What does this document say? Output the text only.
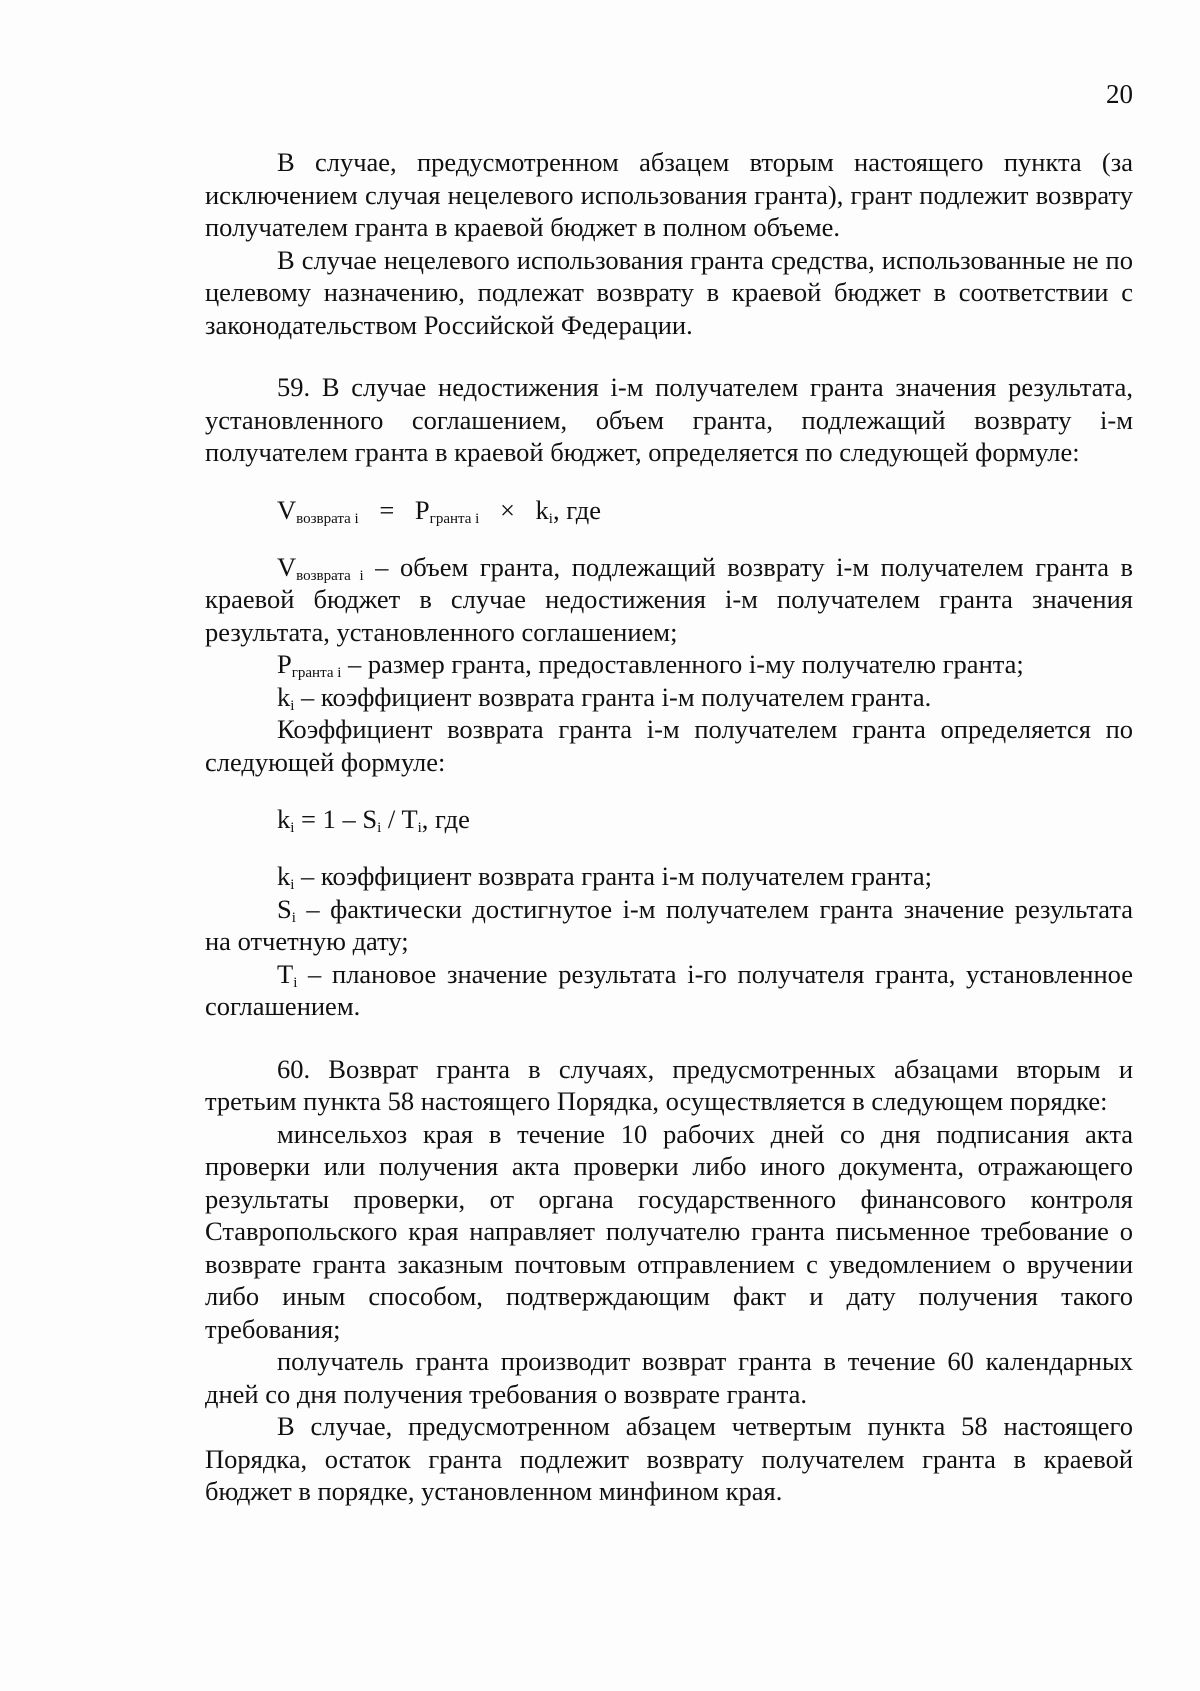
20

В случае, предусмотренном абзацем вторым настоящего пункта (за исключением случая нецелевого использования гранта), грант подлежит возврату получателем гранта в краевой бюджет в полном объеме.

В случае нецелевого использования гранта средства, использованные не по целевому назначению, подлежат возврату в краевой бюджет в соответствии с законодательством Российской Федерации.

59. В случае недостижения i-м получателем гранта значения результата, установленного соглашением, объем гранта, подлежащий возврату i-м получателем гранта в краевой бюджет, определяется по следующей формуле:

$V_{возврата i} = P_{гранта i} \times k_i$, где

$V_{возврата i}$ – объем гранта, подлежащий возврату i-м получателем гранта в краевой бюджет в случае недостижения i-м получателем гранта значения результата, установленного соглашением;

$P_{гранта i}$ – размер гранта, предоставленного i-му получателю гранта;

$k_i$ – коэффициент возврата гранта i-м получателем гранта.

Коэффициент возврата гранта i-м получателем гранта определяется по следующей формуле:

$k_i = 1 - S_i / T_i$, где

$k_i$ – коэффициент возврата гранта i-м получателем гранта;

$S_i$ – фактически достигнутое i-м получателем гранта значение результата на отчетную дату;

$T_i$ – плановое значение результата i-го получателя гранта, установленное соглашением.

60. Возврат гранта в случаях, предусмотренных абзацами вторым и третьим пункта 58 настоящего Порядка, осуществляется в следующем порядке:

минсельхоз края в течение 10 рабочих дней со дня подписания акта проверки или получения акта проверки либо иного документа, отражающего результаты проверки, от органа государственного финансового контроля Ставропольского края направляет получателю гранта письменное требование о возврате гранта заказным почтовым отправлением с уведомлением о вручении либо иным способом, подтверждающим факт и дату получения такого требования;

получатель гранта производит возврат гранта в течение 60 календарных дней со дня получения требования о возврате гранта.

В случае, предусмотренном абзацем четвертым пункта 58 настоящего Порядка, остаток гранта подлежит возврату получателем гранта в краевой бюджет в порядке, установленном минфином края.
